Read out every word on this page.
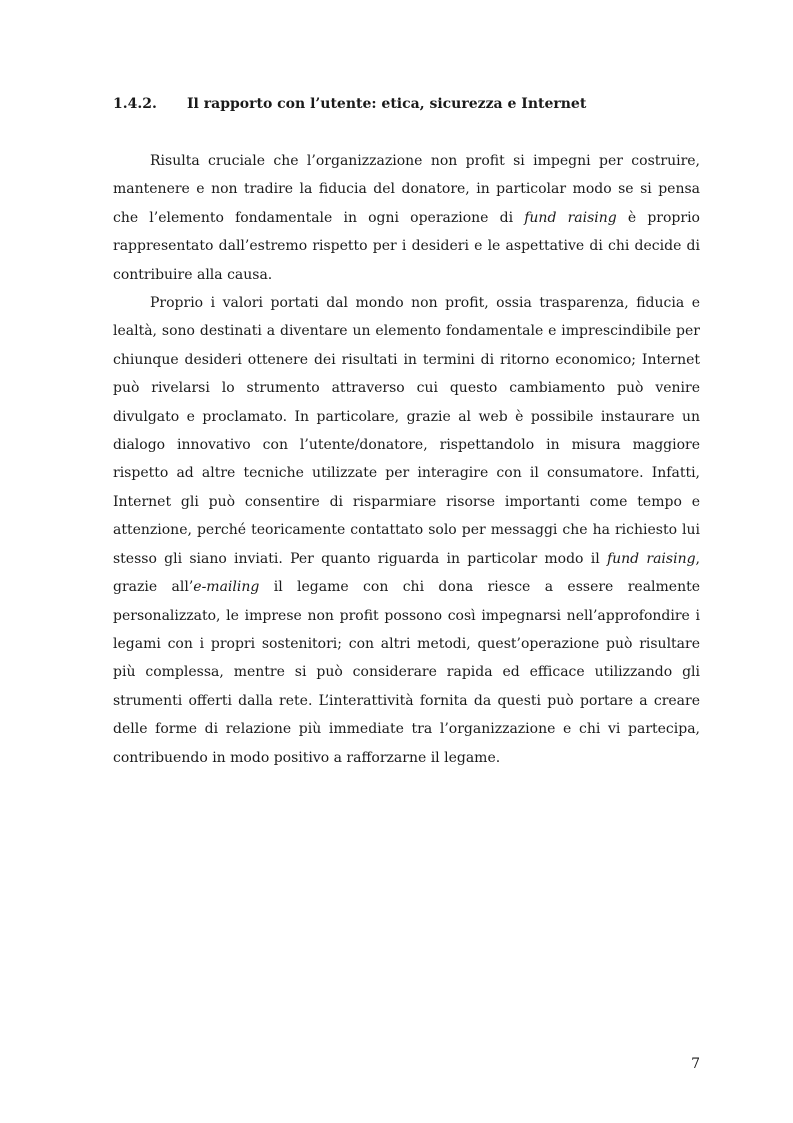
1.4.2. Il rapporto con l’utente: etica, sicurezza e Internet

Risulta cruciale che l’organizzazione non profit si impegni per costruire, mantenere e non tradire la fiducia del donatore, in particolar modo se si pensa che l’elemento fondamentale in ogni operazione di fund raising è proprio rappresentato dall’estremo rispetto per i desideri e le aspettative di chi decide di contribuire alla causa.

Proprio i valori portati dal mondo non profit, ossia trasparenza, fiducia e lealtà, sono destinati a diventare un elemento fondamentale e imprescindibile per chiunque desideri ottenere dei risultati in termini di ritorno economico; Internet può rivelarsi lo strumento attraverso cui questo cambiamento può venire divulgato e proclamato. In particolare, grazie al web è possibile instaurare un dialogo innovativo con l’utente/donatore, rispettandolo in misura maggiore rispetto ad altre tecniche utilizzate per interagire con il consumatore. Infatti, Internet gli può consentire di risparmiare risorse importanti come tempo e attenzione, perché teoricamente contattato solo per messaggi che ha richiesto lui stesso gli siano inviati. Per quanto riguarda in particolar modo il fund raising, grazie all’e-mailing il legame con chi dona riesce a essere realmente personalizzato, le imprese non profit possono così impegnarsi nell’approfondire i legami con i propri sostenitori; con altri metodi, quest’operazione può risultare più complessa, mentre si può considerare rapida ed efficace utilizzando gli strumenti offerti dalla rete. L’interattività fornita da questi può portare a creare delle forme di relazione più immediate tra l’organizzazione e chi vi partecipa, contribuendo in modo positivo a rafforzarne il legame.

7
